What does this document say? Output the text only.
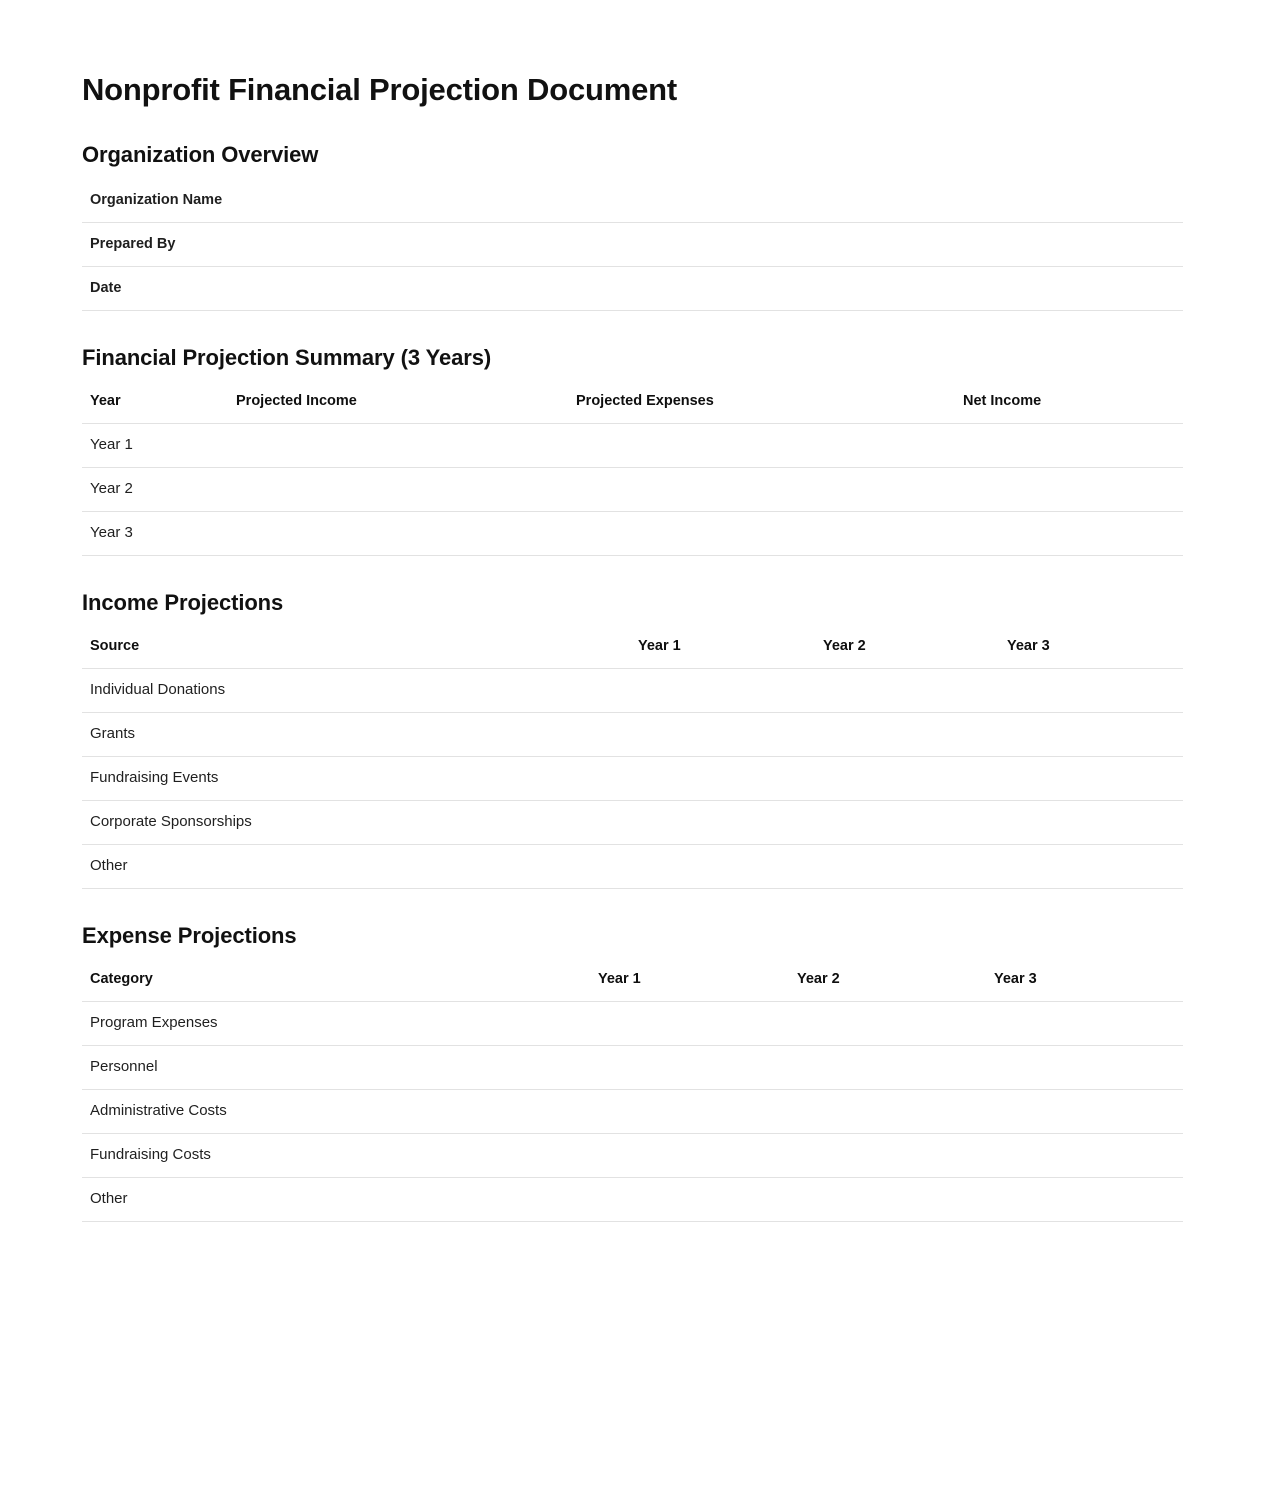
Nonprofit Financial Projection Document
Organization Overview
Organization Name	
Prepared By	
Date	
Financial Projection Summary (3 Years)
Year	Projected Income	Projected Expenses	Net Income
Year 1			
Year 2			
Year 3			
Income Projections
Source	Year 1	Year 2	Year 3
Individual Donations			
Grants			
Fundraising Events			
Corporate Sponsorships			
Other			
Expense Projections
Category	Year 1	Year 2	Year 3
Program Expenses			
Personnel			
Administrative Costs			
Fundraising Costs			
Other			
